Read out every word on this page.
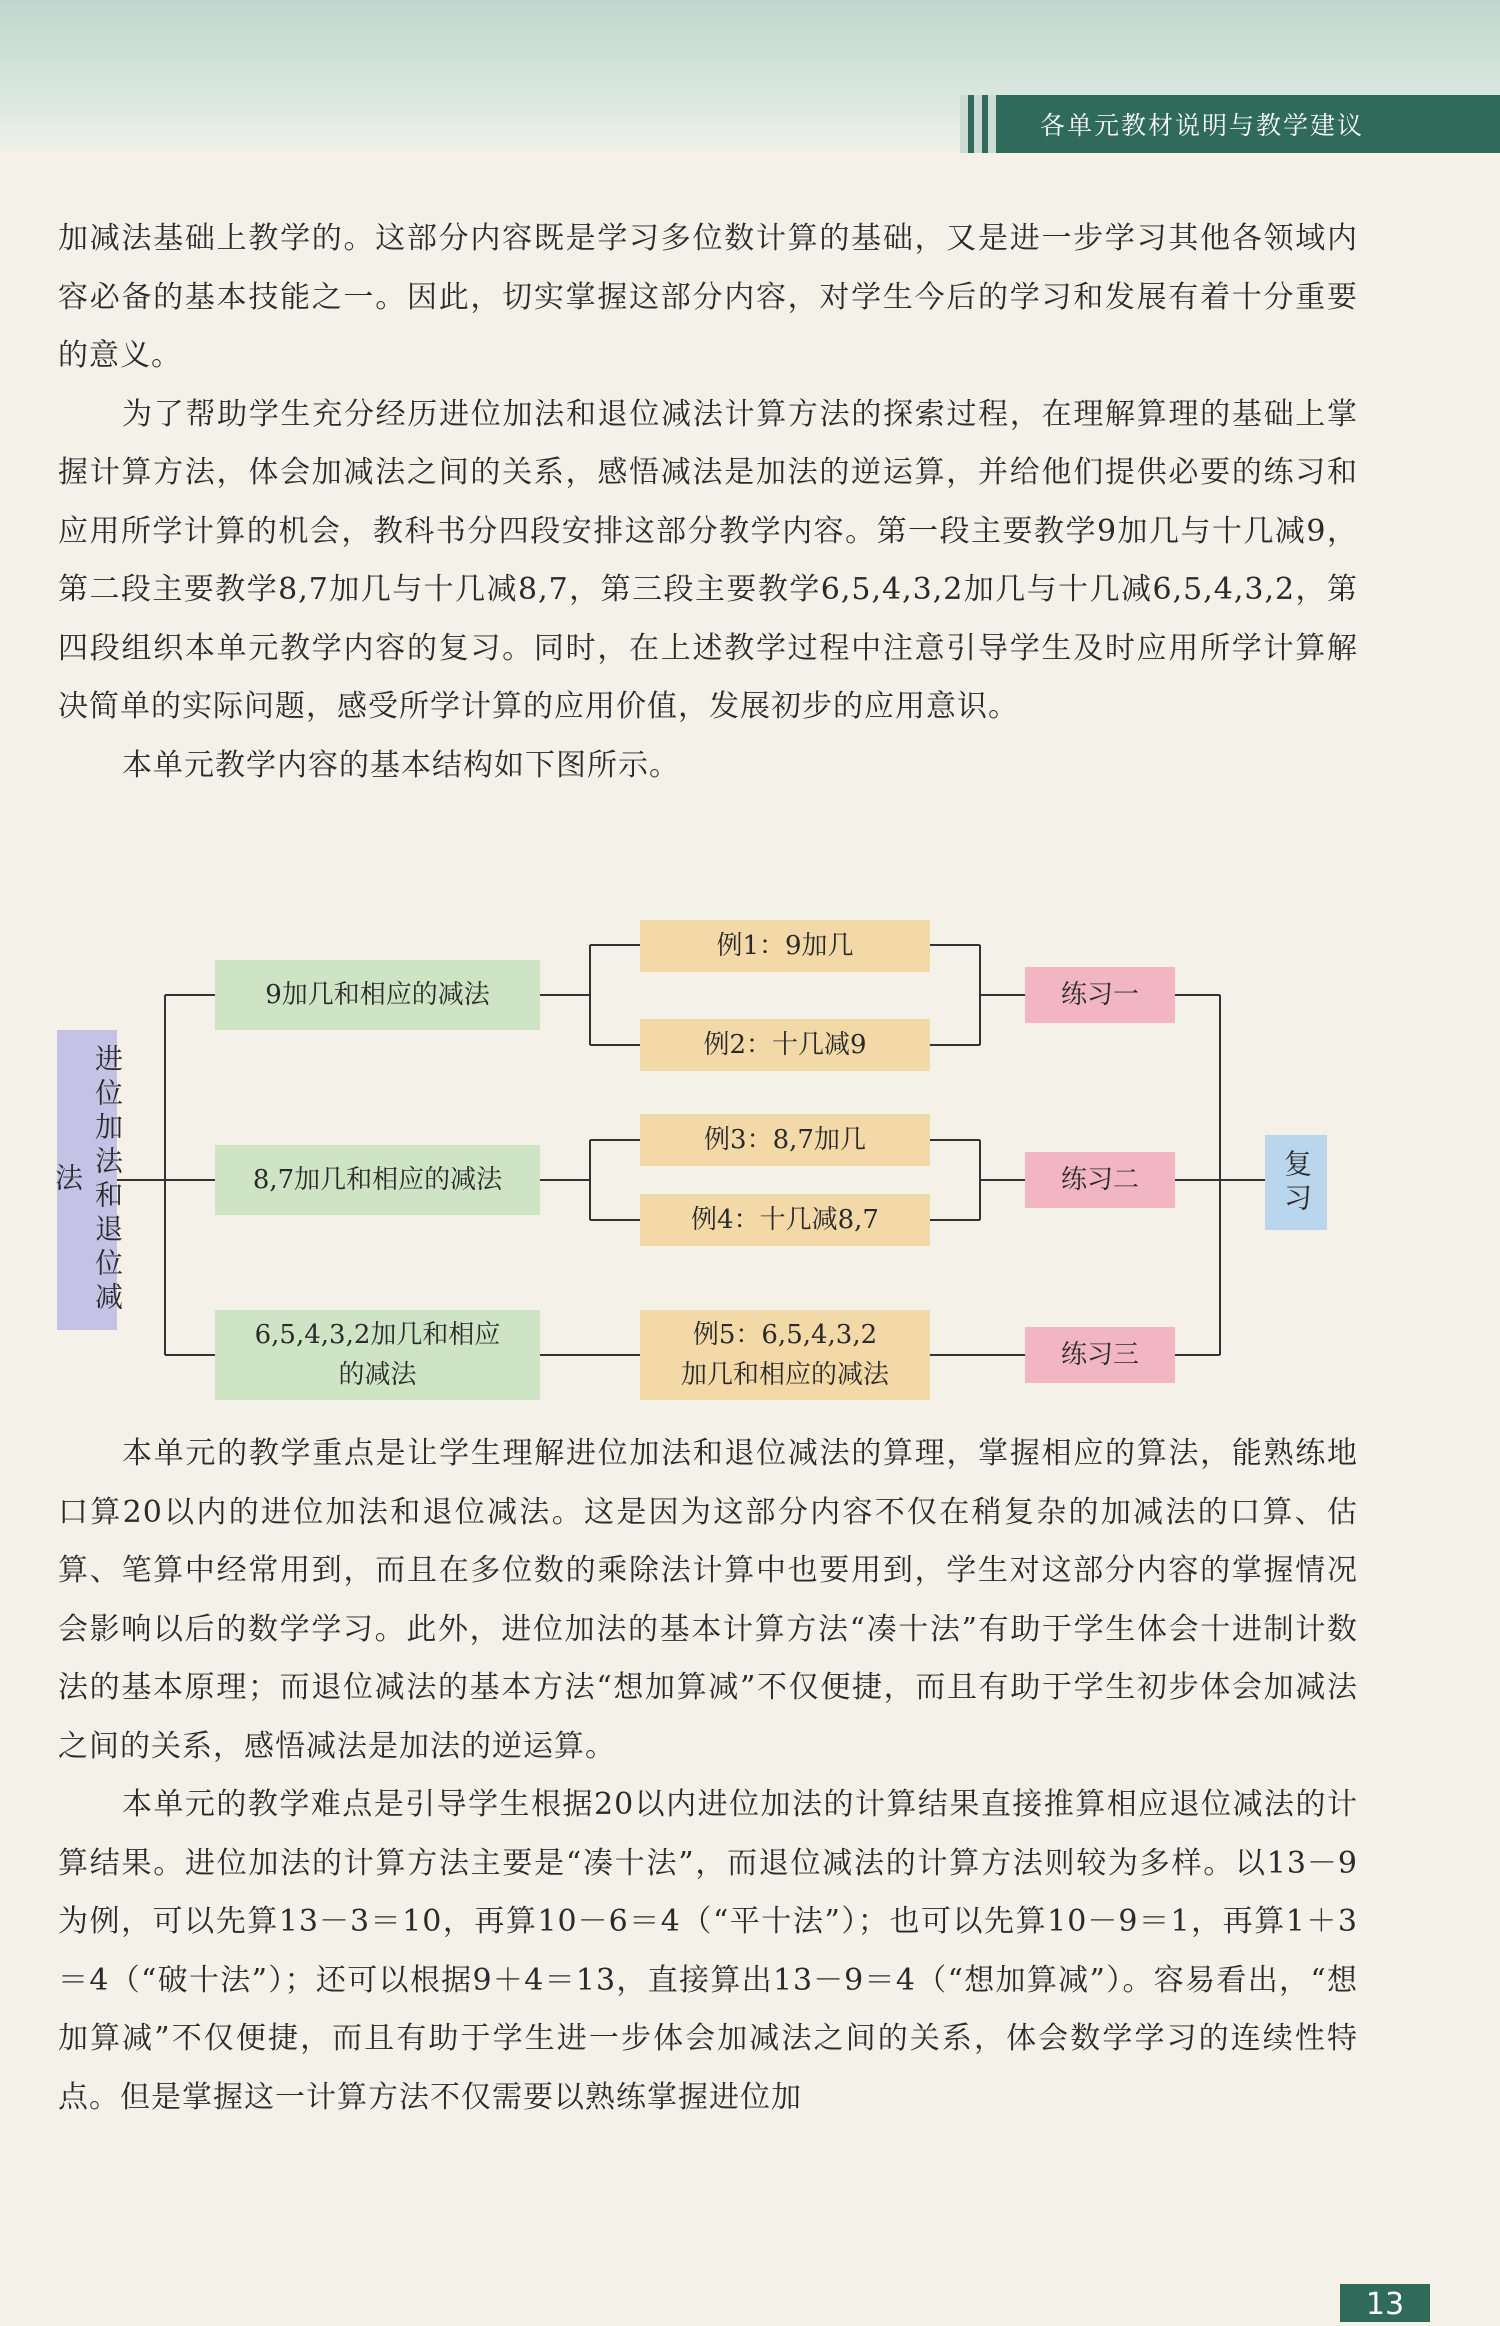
各单元教材说明与教学建议

加减法基础上教学的。这部分内容既是学习多位数计算的基础，又是进一步学习其他各领域内容必备的基本技能之一。因此，切实掌握这部分内容，对学生今后的学习和发展有着十分重要的意义。

为了帮助学生充分经历进位加法和退位减法计算方法的探索过程，在理解算理的基础上掌握计算方法，体会加减法之间的关系，感悟减法是加法的逆运算，并给他们提供必要的练习和应用所学计算的机会，教科书分四段安排这部分教学内容。第一段主要教学9加几与十几减9，第二段主要教学8,7加几与十几减8,7，第三段主要教学6,5,4,3,2加几与十几减6,5,4,3,2，第四段组织本单元教学内容的复习。同时，在上述教学过程中注意引导学生及时应用所学计算解决简单的实际问题，感受所学计算的应用价值，发展初步的应用意识。

本单元教学内容的基本结构如下图所示。

进位加法和退位减法
9加几和相应的减法
8,7加几和相应的减法
6,5,4,3,2加几和相应的减法
例1：9加几
例2：十几减9
例3：8,7加几
例4：十几减8,7
例5：6,5,4,3,2加几和相应的减法
练习一
练习二
练习三
复习

本单元的教学重点是让学生理解进位加法和退位减法的算理，掌握相应的算法，能熟练地口算20以内的进位加法和退位减法。这是因为这部分内容不仅在稍复杂的加减法的口算、估算、笔算中经常用到，而且在多位数的乘除法计算中也要用到，学生对这部分内容的掌握情况会影响以后的数学学习。此外，进位加法的基本计算方法“凑十法”有助于学生体会十进制计数法的基本原理；而退位减法的基本方法“想加算减”不仅便捷，而且有助于学生初步体会加减法之间的关系，感悟减法是加法的逆运算。

本单元的教学难点是引导学生根据20以内进位加法的计算结果直接推算相应退位减法的计算结果。进位加法的计算方法主要是“凑十法”，而退位减法的计算方法则较为多样。以13－9为例，可以先算13－3＝10，再算10－6＝4（“平十法”）；也可以先算10－9＝1，再算1＋3＝4（“破十法”）；还可以根据9＋4＝13，直接算出13－9＝4（“想加算减”）。容易看出，“想加算减”不仅便捷，而且有助于学生进一步体会加减法之间的关系，体会数学学习的连续性特点。但是掌握这一计算方法不仅需要以熟练掌握进位加

13
